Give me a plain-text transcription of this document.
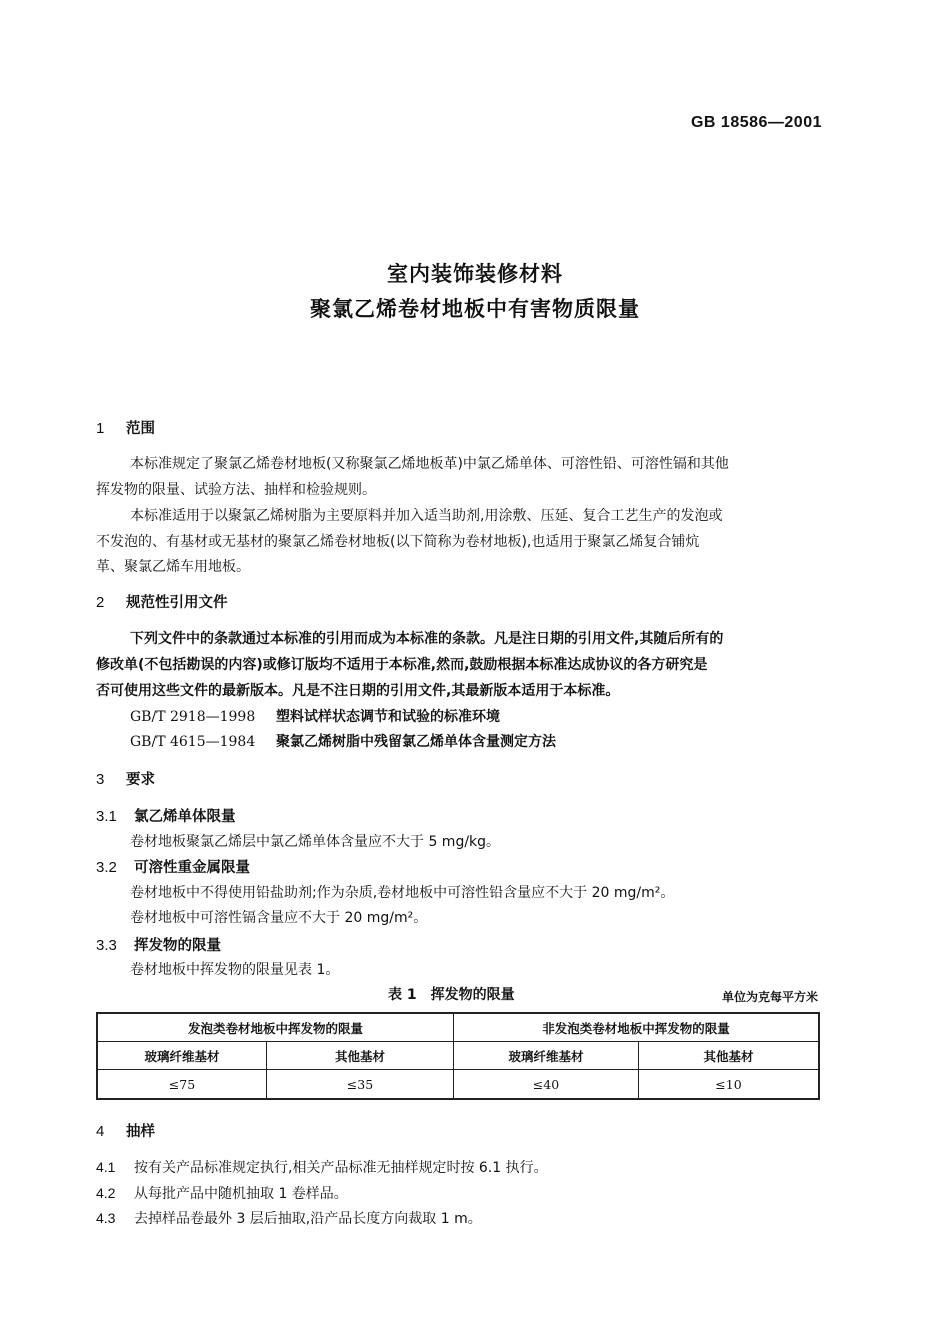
GB 18586—2001
室内装饰装修材料
聚氯乙烯卷材地板中有害物质限量
1 范围
本标准规定了聚氯乙烯卷材地板(又称聚氯乙烯地板革)中氯乙烯单体、可溶性铅、可溶性镉和其他
挥发物的限量、试验方法、抽样和检验规则。
本标准适用于以聚氯乙烯树脂为主要原料并加入适当助剂,用涂敷、压延、复合工艺生产的发泡或
不发泡的、有基材或无基材的聚氯乙烯卷材地板(以下简称为卷材地板),也适用于聚氯乙烯复合铺炕
革、聚氯乙烯车用地板。
2 规范性引用文件
下列文件中的条款通过本标准的引用而成为本标准的条款。凡是注日期的引用文件,其随后所有的
修改单(不包括勘误的内容)或修订版均不适用于本标准,然而,鼓励根据本标准达成协议的各方研究是
否可使用这些文件的最新版本。凡是不注日期的引用文件,其最新版本适用于本标准。
GB/T 2918—1998 塑料试样状态调节和试验的标准环境
GB/T 4615—1984 聚氯乙烯树脂中残留氯乙烯单体含量测定方法
3 要求
3.1 氯乙烯单体限量
卷材地板聚氯乙烯层中氯乙烯单体含量应不大于 5 mg/kg。
3.2 可溶性重金属限量
卷材地板中不得使用铅盐助剂;作为杂质,卷材地板中可溶性铅含量应不大于 20 mg/m²。
卷材地板中可溶性镉含量应不大于 20 mg/m²。
3.3 挥发物的限量
卷材地板中挥发物的限量见表 1。
表 1　挥发物的限量	单位为克每平方米
发泡类卷材地板中挥发物的限量		非发泡类卷材地板中挥发物的限量	
玻璃纤维基材	其他基材	玻璃纤维基材	其他基材
≤75	≤35	≤40	≤10
4 抽样
4.1 按有关产品标准规定执行,相关产品标准无抽样规定时按 6.1 执行。
4.2 从每批产品中随机抽取 1 卷样品。
4.3 去掉样品卷最外 3 层后抽取,沿产品长度方向裁取 1 m。
